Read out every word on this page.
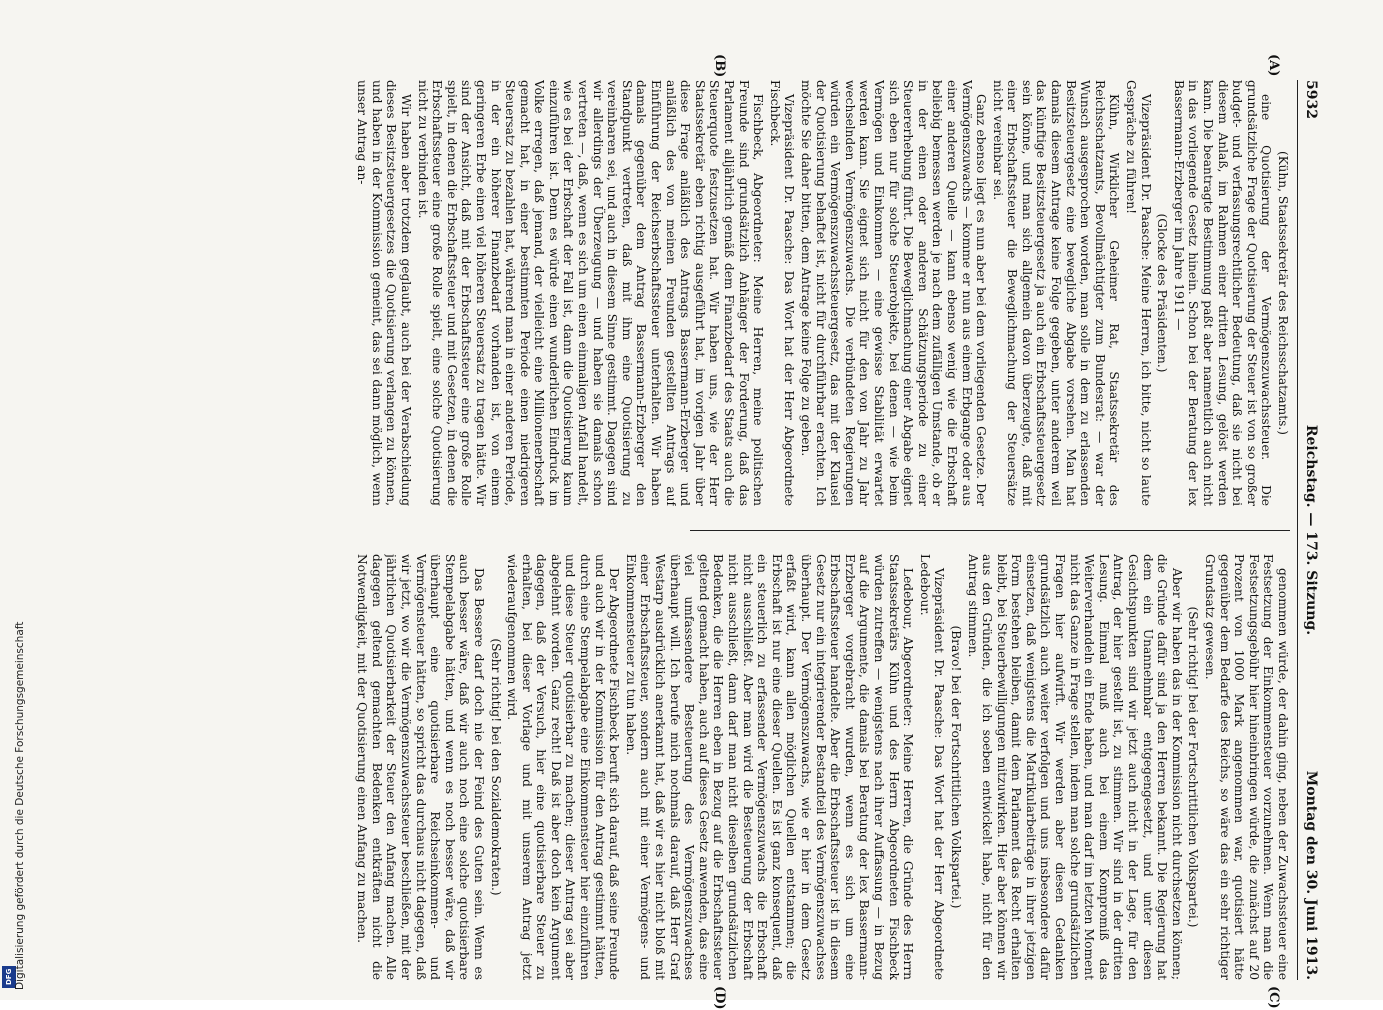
DFG Digitalisierung gefördert durch die Deutsche Forschungsgemeinschaft
5932
Reichstag. — 173. Sitzung.
Montag den 30. Juni 1913.
(A)
(B)
(C)
(D)

(Kühn, Staatssekretär des Reichsschatzamts.)

eine Quotisierung der Vermögenszuwachssteuer. Die grundsätzliche Frage der Quotisierung der Steuer ist von so großer budget- und verfassungsrechtlicher Bedeutung, daß sie nicht bei diesem Anlaß, im Rahmen einer dritten Lesung, gelöst werden kann. Die beantragte Bestimmung paßt aber namentlich auch nicht in das vorliegende Gesetz hinein. Schon bei der Beratung der lex Bassermann-Erzberger im Jahre 1911 —

(Glocke des Präsidenten.)

Vizepräsident Dr. Paasche: Meine Herren, ich bitte, nicht so laute Gespräche zu führen!

Kühn, Wirklicher Geheimer Rat, Staatssekretär des Reichsschatzamts, Bevollmächtigter zum Bundesrat: — war der Wunsch ausgesprochen worden, man solle in dem zu erlassenden Besitzsteuergesetz eine bewegliche Abgabe vorsehen. Man hat damals diesem Antrage keine Folge gegeben, unter anderem weil das künftige Besitzsteuergesetz ja auch ein Erbschaftssteuergesetz sein könne, und man sich allgemein davon überzeugte, daß mit einer Erbschaftssteuer die Beweglichmachung der Steuersätze nicht vereinbar sei.

Ganz ebenso liegt es nun aber bei dem vorliegenden Gesetze. Der Vermögenszuwachs — komme er nun aus einem Erbgange oder aus einer anderen Quelle — kann ebenso wenig wie die Erbschaft beliebig bemessen werden je nach dem zufälligen Umstande, ob er in der einen oder anderen Schätzungsperiode zu einer Steuererhebung führt. Die Beweglichmachung einer Abgabe eignet sich eben nur für solche Steuerobjekte, bei denen — wie beim Vermögen und Einkommen — eine gewisse Stabilität erwartet werden kann. Sie eignet sich nicht für den von Jahr zu Jahr wechselnden Vermögenszuwachs. Die verbündeten Regierungen würden ein Vermögenszuwachssteuergesetz, das mit der Klausel der Quotisierung behaftet ist, nicht für durchführbar erachten. Ich möchte Sie daher bitten, dem Antrage keine Folge zu geben.

Vizepräsident Dr. Paasche: Das Wort hat der Herr Abgeordnete Fischbeck.

Fischbeck, Abgeordneter: Meine Herren, meine politischen Freunde sind grundsätzlich Anhänger der Forderung, daß das Parlament alljährlich gemäß dem Finanzbedarf des Staats auch die Steuerquote festzusetzen hat. Wir haben uns, wie der Herr Staatssekretär eben richtig ausgeführt hat, im vorigen Jahr über diese Frage anläßlich des Antrags Bassermann-Erzberger und anläßlich des von meinen Freunden gestellten Antrags auf Einführung der Reichserbschaftssteuer unterhalten. Wir haben damals gegenüber dem Antrag Bassermann-Erzberger den Standpunkt vertreten, daß mit ihm eine Quotisierung zu vereinbaren sei, und auch in diesem Sinne gestimmt. Dagegen sind wir allerdings der Überzeugung — und haben sie damals schon vertreten —, daß, wenn es sich um einen einmaligen Anfall handelt, wie es bei der Erbschaft der Fall ist, dann die Quotisierung kaum einzuführen ist. Denn es würde einen wunderlichen Eindruck im Volke erregen, daß jemand, der vielleicht eine Millionenerbschaft gemacht hat, in einer bestimmten Periode einen niedrigeren Steuersatz zu bezahlen hat, während man in einer anderen Periode, in der ein höherer Finanzbedarf vorhanden ist, von einem geringeren Erbe einen viel höheren Steuersatz zu tragen hätte. Wir sind der Ansicht, daß mit der Erbschaftssteuer eine große Rolle spielt, in denen die Erbschaftssteuer und mit Gesetzen, in denen die Erbschaftssteuer eine große Rolle spielt, eine solche Quotisierung nicht zu verbinden ist.

Wir haben aber trotzdem geglaubt, auch bei der Verabschiedung dieses Besitzsteuergesetzes die Quotisierung verlangen zu können, und haben in der Kommission gemeint, das sei dann möglich, wenn unser Antrag an-

genommen würde, der dahin ging, neben der Zuwachssteuer eine Festsetzung der Einkommensteuer vorzunehmen. Wenn man die Festsetzungsgebühr hier hineinbringen würde, die zunächst auf 20 Prozent von 1000 Mark angenommen war, quotisiert hätte gegenüber dem Bedarfe des Reichs, so wäre das ein sehr richtiger Grundsatz gewesen.

(Sehr richtig! bei der Fortschrittlichen Volkspartei.)

Aber wir haben das in der Kommission nicht durchsetzen können; die Gründe dafür sind ja den Herren bekannt. Die Regierung hat dem ein Unannehmbar entgegengesetzt, und unter diesen Gesichtspunkten sind wir jetzt auch nicht in der Lage, für den Antrag, der hier gestellt ist, zu stimmen. Wir sind in der dritten Lesung. Einmal muß auch bei einem Kompromiß das Weiterverhandeln ein Ende haben, und man darf im letzten Moment nicht das Ganze in Frage stellen, indem man solche grundsätzlichen Fragen hier aufwirft. Wir werden aber diesen Gedanken grundsätzlich auch weiter verfolgen und uns insbesondere dafür einsetzen, daß wenigstens die Matrikularbeiträge in ihrer jetzigen Form bestehen bleiben, damit dem Parlament das Recht erhalten bleibt, bei Steuerbewilligungen mitzuwirken. Hier aber können wir aus den Gründen, die ich soeben entwickelt habe, nicht für den Antrag stimmen.

(Bravo! bei der Fortschrittlichen Volkspartei.)

Vizepräsident Dr. Paasche: Das Wort hat der Herr Abgeordnete Ledebour.

Ledebour, Abgeordneter: Meine Herren, die Gründe des Herrn Staatssekretärs Kühn und des Herrn Abgeordneten Fischbeck würden zutreffen — wenigstens nach ihrer Auffassung — in Bezug auf die Argumente, die damals bei Beratung der lex Bassermann-Erzberger vorgebracht wurden, wenn es sich um eine Erbschaftssteuer handelte. Aber die Erbschaftssteuer ist in diesem Gesetz nur ein integrierender Bestandteil des Vermögenszuwachses überhaupt. Der Vermögenszuwachs, wie er hier in dem Gesetz erfaßt wird, kann allen möglichen Quellen entstammen; die Erbschaft ist nur eine dieser Quellen. Es ist ganz konsequent, daß ein steuerlich zu erfassender Vermögenszuwachs die Erbschaft nicht ausschließt. Aber man wird die Besteuerung der Erbschaft nicht ausschließt, dann darf man nicht dieselben grundsätzlichen Bedenken, die die Herren eben in Bezug auf die Erbschaftssteuer geltend gemacht haben, auch auf dieses Gesetz anwenden, das eine viel umfassendere Besteuerung des Vermögenszuwachses überhaupt will. Ich berufe mich nochmals darauf, daß Herr Graf Westarp ausdrücklich anerkannt hat, daß wir es hier nicht bloß mit einer Erbschaftssteuer, sondern auch mit einer Vermögens- und Einkommensteuer zu tun haben.

Der Abgeordnete Fischbeck beruft sich darauf, daß seine Freunde und auch wir in der Kommission für den Antrag gestimmt hätten, durch eine Stempelabgabe eine Einkommensteuer hier einzuführen und diese Steuer quotisierbar zu machen; dieser Antrag sei aber abgelehnt worden. Ganz recht! Daß ist aber doch kein Argument dagegen, daß der Versuch, hier eine quotisierbare Steuer zu erhalten, bei dieser Vorlage und mit unserem Antrag jetzt wiederaufgenommen wird.

(Sehr richtig! bei den Sozialdemokraten.)

Das Bessere darf doch nie der Feind des Guten sein. Wenn es auch besser wäre, daß wir auch noch eine solche quotisierbare Stempelabgabe hätten, und wenn es noch besser wäre, daß wir überhaupt eine quotisierbare Reichseinkommen- und Vermögensteuer hätten, so spricht das durchaus nicht dagegen, daß wir jetzt, wo wir die Vermögenszuwachssteuer beschließen, mit der jährlichen Quotisierbarkeit der Steuer den Anfang machen. Alle dagegen geltend gemachten Bedenken entkräften nicht die Notwendigkeit, mit der Quotisierung einen Anfang zu machen.
